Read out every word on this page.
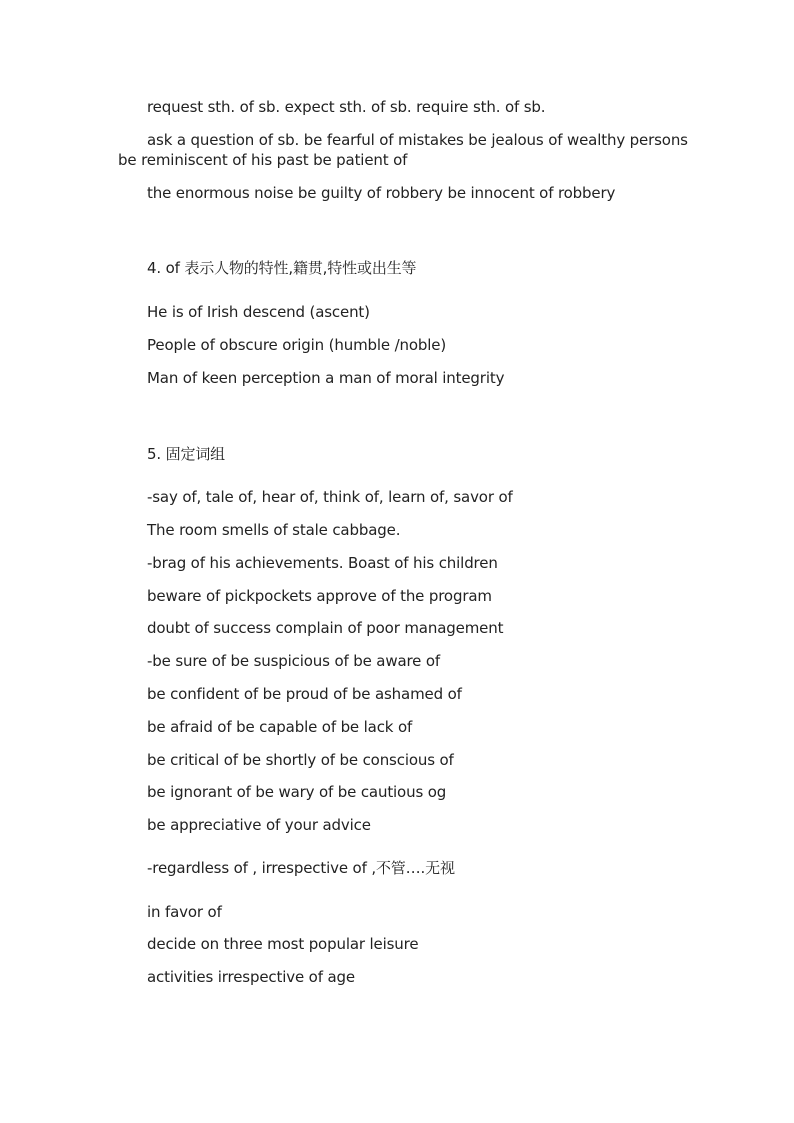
request sth. of sb. expect sth. of sb. require sth. of sb.
ask a question of sb. be fearful of mistakes be jealous of wealthy persons
be reminiscent of his past be patient of
the enormous noise be guilty of robbery be innocent of robbery
4. of 表示人物的特性,籍贯,特性或出生等
He is of Irish descend (ascent)
People of obscure origin (humble /noble)
Man of keen perception a man of moral integrity
5. 固定词组
-say of, tale of, hear of, think of, learn of, savor of
The room smells of stale cabbage.
-brag of his achievements. Boast of his children
beware of pickpockets approve of the program
doubt of success complain of poor management
-be sure of be suspicious of be aware of
be confident of be proud of be ashamed of
be afraid of be capable of be lack of
be critical of be shortly of be conscious of
be ignorant of be wary of be cautious og
be appreciative of your advice
-regardless of , irrespective of ,不管….无视
in favor of
decide on three most popular leisure
activities irrespective of age
